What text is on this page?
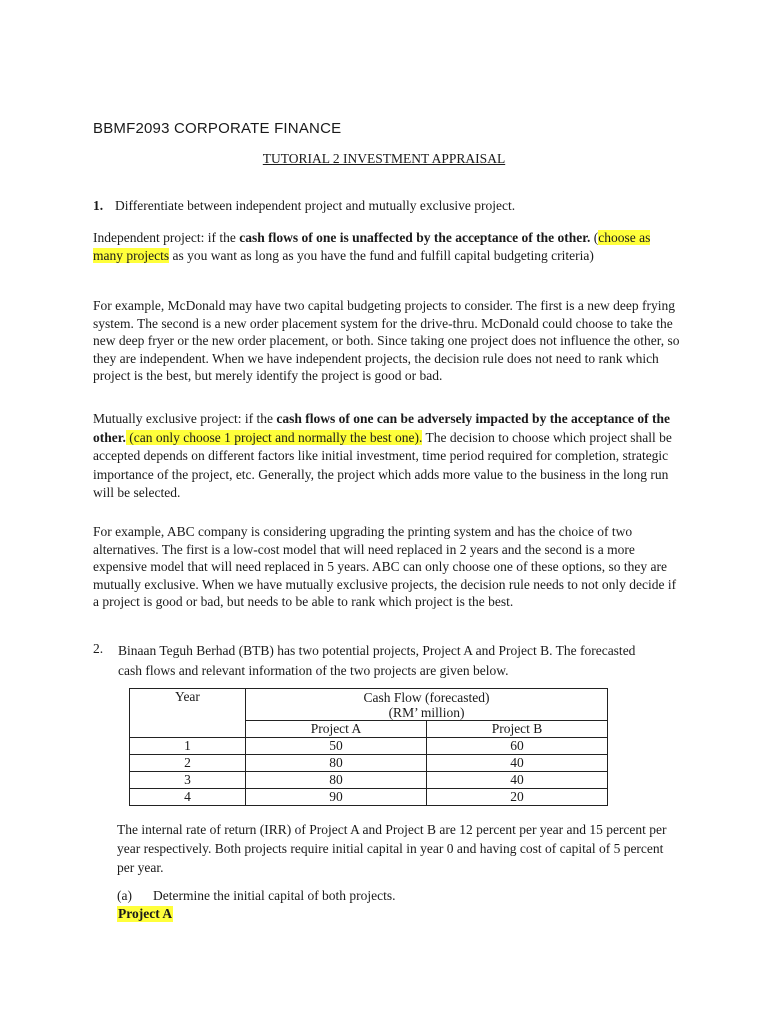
BBMF2093 CORPORATE FINANCE
TUTORIAL 2 INVESTMENT APPRAISAL
1. Differentiate between independent project and mutually exclusive project.
Independent project: if the cash flows of one is unaffected by the acceptance of the other. (choose as many projects as you want as long as you have the fund and fulfill capital budgeting criteria)
For example, McDonald may have two capital budgeting projects to consider. The first is a new deep frying system. The second is a new order placement system for the drive-thru. McDonald could choose to take the new deep fryer or the new order placement, or both. Since taking one project does not influence the other, so they are independent. When we have independent projects, the decision rule does not need to rank which project is the best, but merely identify the project is good or bad.
Mutually exclusive project: if the cash flows of one can be adversely impacted by the acceptance of the other. (can only choose 1 project and normally the best one). The decision to choose which project shall be accepted depends on different factors like initial investment, time period required for completion, strategic importance of the project, etc. Generally, the project which adds more value to the business in the long run will be selected.
For example, ABC company is considering upgrading the printing system and has the choice of two alternatives. The first is a low-cost model that will need replaced in 2 years and the second is a more expensive model that will need replaced in 5 years. ABC can only choose one of these options, so they are mutually exclusive. When we have mutually exclusive projects, the decision rule needs to not only decide if a project is good or bad, but needs to be able to rank which project is the best.
2. Binaan Teguh Berhad (BTB) has two potential projects, Project A and Project B. The forecasted cash flows and relevant information of the two projects are given below.
Year	Cash Flow (forecasted)
(RM’ million)	
	Project A	Project B
1	50	60
2	80	40
3	80	40
4	90	20
The internal rate of return (IRR) of Project A and Project B are 12 percent per year and 15 percent per year respectively. Both projects require initial capital in year 0 and having cost of capital of 5 percent per year.
(a) Determine the initial capital of both projects.
Project A
